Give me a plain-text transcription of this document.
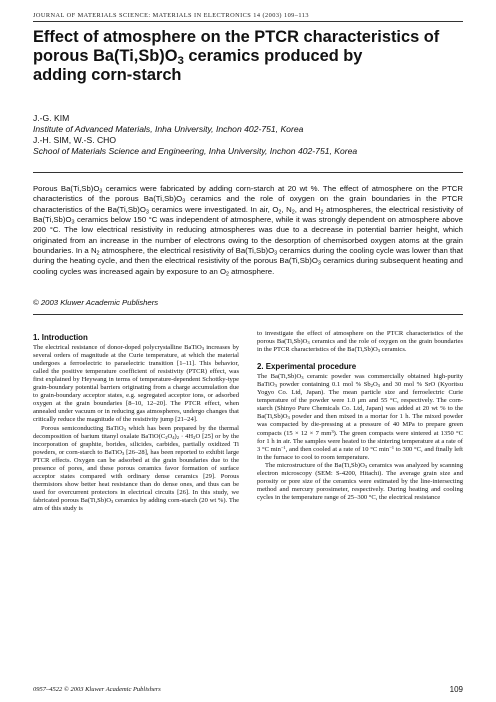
JOURNAL OF MATERIALS SCIENCE: MATERIALS IN ELECTRONICS 14 (2003) 109–113
Effect of atmosphere on the PTCR characteristics of
porous $Ba(Ti,Sb)O_3$ ceramics produced by
adding corn-starch
J.-G. KIM
Institute of Advanced Materials, Inha University, Inchon 402-751, Korea
J.-H. SIM, W.-S. CHO
School of Materials Science and Engineering, Inha University, Inchon 402-751, Korea

Porous $Ba(Ti,Sb)O_3$ ceramics were fabricated by adding corn-starch at 20 wt %. The effect of atmosphere on the PTCR characteristics of the porous $Ba(Ti,Sb)O_3$ ceramics and the role of oxygen on the grain boundaries in the PTCR characteristics of the $Ba(Ti,Sb)O_3$ ceramics were investigated. In air, $O_2$, $N_2$, and $H_2$ atmospheres, the electrical resistivity of $Ba(Ti,Sb)O_3$ ceramics below 150 °C was independent of atmosphere, while it was strongly dependent on atmosphere above 200 °C. The low electrical resistivity in reducing atmospheres was due to a decrease in potential barrier height, which originated from an increase in the number of electrons owing to the desorption of chemisorbed oxygen atoms at the grain boundaries. In a $N_2$ atmosphere, the electrical resistivity of $Ba(Ti,Sb)O_3$ ceramics during the cooling cycle was lower than that during the heating cycle, and then the electrical resistivity of the porous $Ba(Ti,Sb)O_3$ ceramics during subsequent heating and cooling cycles was increased again by exposure to an $O_2$ atmosphere.

© 2003 Kluwer Academic Publishers
1. Introduction

The electrical resistance of donor-doped polycrystalline BaTiO$_3$ increases by several orders of magnitude at the Curie temperature, at which the material undergoes a ferroelectric to paraelectric transition [1–11]. This behavior, called the positive temperature coefficient of resistivity (PTCR) effect, was first explained by Heywang in terms of temperature-dependent Schottky-type grain-boundary potential barriers originating from a charge accumulation due to grain-boundary acceptor states, e.g. segregated acceptor ions, or adsorbed oxygen at the grain boundaries [8–10, 12–20]. The PTCR effect, when annealed under vacuum or in reducing gas atmospheres, undergo changes that critically reduce the magnitude of the resistivity jump [21–24].

Porous semiconducting BaTiO$_3$ which has been prepared by the thermal decomposition of barium titanyl oxalate $BaTiO(C_2O_4)_2 \cdot 4H_2O$ [25] or by the incorporation of graphite, borides, silicides, carbides, partially oxidized Ti powders, or corn-starch to BaTiO$_3$ [26–28], has been reported to exhibit large PTCR effects. Oxygen can be adsorbed at the grain boundaries due to the presence of pores, and these porous ceramics favor formation of surface acceptor states compared with ordinary dense ceramics [29]. Porous thermistors show better heat resistance than do dense ones, and thus can be used for overcurrent protectors in electrical circuits [26]. In this study, we fabricated porous $Ba(Ti,Sb)O_3$ ceramics by adding corn-starch (20 wt %). The aim of this study is

to investigate the effect of atmosphere on the PTCR characteristics of the porous $Ba(Ti,Sb)O_3$ ceramics and the role of oxygen on the grain boundaries in the PTCR characteristics of the $Ba(Ti,Sb)O_3$ ceramics.

2. Experimental procedure

The $Ba(Ti,Sb)O_3$ ceramic powder was commercially obtained high-purity BaTiO$_3$ powder containing 0.1 mol % $Sb_2O_3$ and 30 mol % SrO (Kyoritsu Yogyo Co. Ltd, Japan). The mean particle size and ferroelectric Curie temperature of the powder were 1.0 μm and 55 °C, respectively. The corn-starch (Shinyo Pure Chemicals Co. Ltd, Japan) was added at 20 wt % to the $Ba(Ti,Sb)O_3$ powder and then mixed in a mortar for 1 h. The mixed powder was compacted by die-pressing at a pressure of 40 MPa to prepare green compacts (15 × 12 × 7 $mm^3$). The green compacts were sintered at 1350 °C for 1 h in air. The samples were heated to the sintering temperature at a rate of 3 °C $\min^{-1}$, and then cooled at a rate of 10 °C $\min^{-1}$ to 300 °C, and finally left in the furnace to cool to room temperature.

The microstructure of the $Ba(Ti,Sb)O_3$ ceramics was analyzed by scanning electron microscopy (SEM: S-4200, Hitachi). The average grain size and porosity or pore size of the ceramics were estimated by the line-intersecting method and mercury porosimeter, respectively. During heating and cooling cycles in the temperature range of 25–300 °C, the electrical resistance

0957–4522 © 2003 Kluwer Academic Publishers	109
